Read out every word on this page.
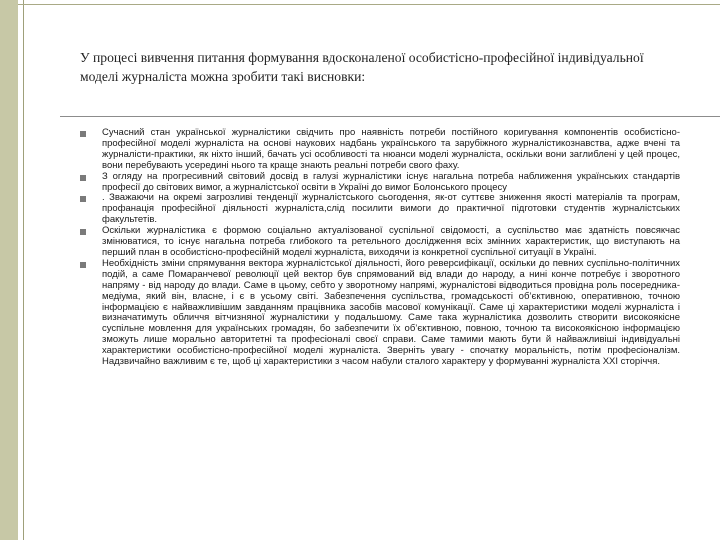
У процесі вивчення питання формування вдосконаленої особистісно-професійної індивідуальної моделі журналіста можна зробити такі висновки:
Сучасний стан української журналістики свідчить про наявність потреби постійного коригування компонентів особистісно-професійної моделі журналіста на основі наукових надбань українського та зарубіжного журналістикознавства, адже вчені та журналісти-практики, як ніхто інший, бачать усі особливості та нюанси моделі журналіста, оскільки вони заглиблені у цей процес, вони перебувають усередині нього та краще знають реальні потреби свого фаху.
З огляду на прогресивний світовий досвід в галузі журналістики існує нагальна потреба наближення українських стандартів професії до світових вимог, а журналістської освіти в Україні до вимог Болонського процесу
. Зважаючи на окремі загрозливі тенденції журналістського сьогодення, як-от суттєве зниження якості матеріалів та програм, профанація професійної діяльності журналіста,слід посилити вимоги до практичної підготовки студентів журналістських факультетів.
Оскільки журналістика є формою соціально актуалізованої суспільної свідомості, а суспільство має здатність повсякчас змінюватися, то існує нагальна потреба глибокого та ретельного дослідження всіх змінних характеристик, що виступають на перший план в особистісно-професійній моделі журналіста, виходячи із конкретної суспільної ситуації в Україні.
Необхідність зміни спрямування вектора журналістської діяльності, його реверсифікації, оскільки до певних суспільно-політичних подій, а саме Помаранчевої революції цей вектор був спрямований від влади до народу, а нині конче потребує і зворотного напряму - від народу до влади. Саме в цьому, себто у зворотному напрямі, журналістові відводиться провідна роль посередника-медіума, який він, власне, і є в усьому світі. Забезпечення суспільства, громадськості об’єктивною, оперативною, точною інформацією є найважливішим завданням працівника засобів масової комунікації. Саме ці характеристики моделі журналіста і визначатимуть обличчя вітчизняної журналістики у подальшому. Саме така журналістика дозволить створити високоякісне суспільне мовлення для українських громадян, бо забезпечити їх об’єктивною, повною, точною та високоякісною інформацією зможуть лише морально авторитетні та професіоналі своєї справи. Саме тамими мають бути й найважливіші індивідуальні характеристики особистісно-професійної моделі журналіста. Зверніть увагу - спочатку моральність, потім професіоналізм. Надзвичайно важливим є те, щоб ці характеристики з часом набули сталого характеру у формуванні журналіста XXI сторіччя.
